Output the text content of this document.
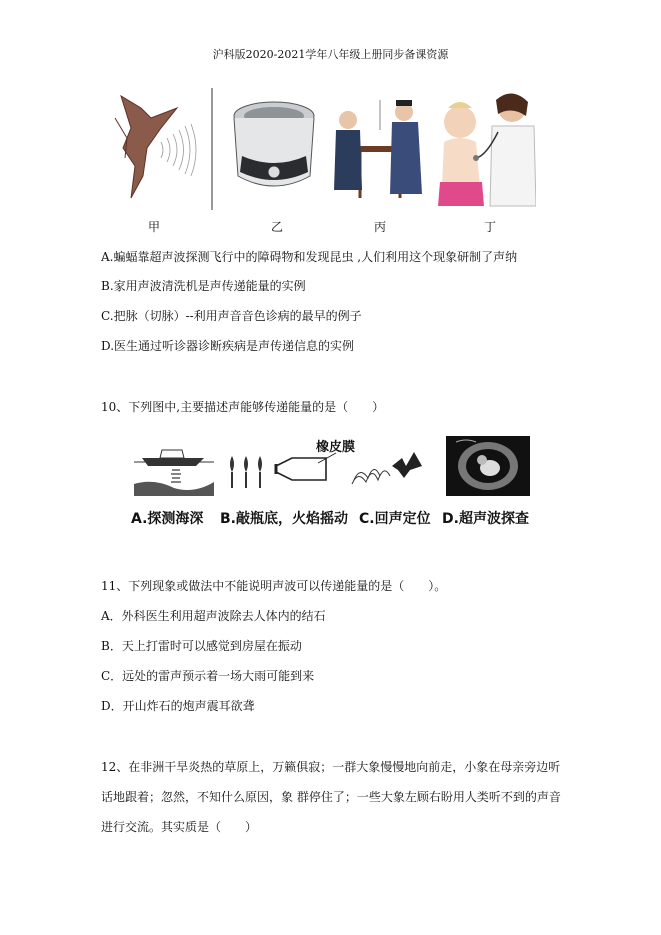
沪科版2020-2021学年八年级上册同步备课资源
甲	乙	丙	丁
A.蝙蝠靠超声波探测飞行中的障碍物和发现昆虫 ,人们利用这个现象研制了声纳
B.家用声波清洗机是声传递能量的实例
C.把脉（切脉）--利用声音音色诊病的最早的例子
D.医生通过听诊器诊断疾病是声传递信息的实例
10、下列图中,主要描述声能够传递能量的是（　　）
橡皮膜
A.探测海深 B.敲瓶底，火焰摇动 C.回声定位 D.超声波探查
11、下列现象或做法中不能说明声波可以传递能量的是（　　）。
A．外科医生利用超声波除去人体内的结石
B．天上打雷时可以感觉到房屋在振动
C．远处的雷声预示着一场大雨可能到来
D．开山炸石的炮声震耳欲聋
12、在非洲干旱炎热的草原上，万籁俱寂；一群大象慢慢地向前走，小象在母亲旁边听
话地跟着；忽然，不知什么原因，象 群停住了；一些大象左顾右盼用人类听不到的声音
进行交流。其实质是（　　）
